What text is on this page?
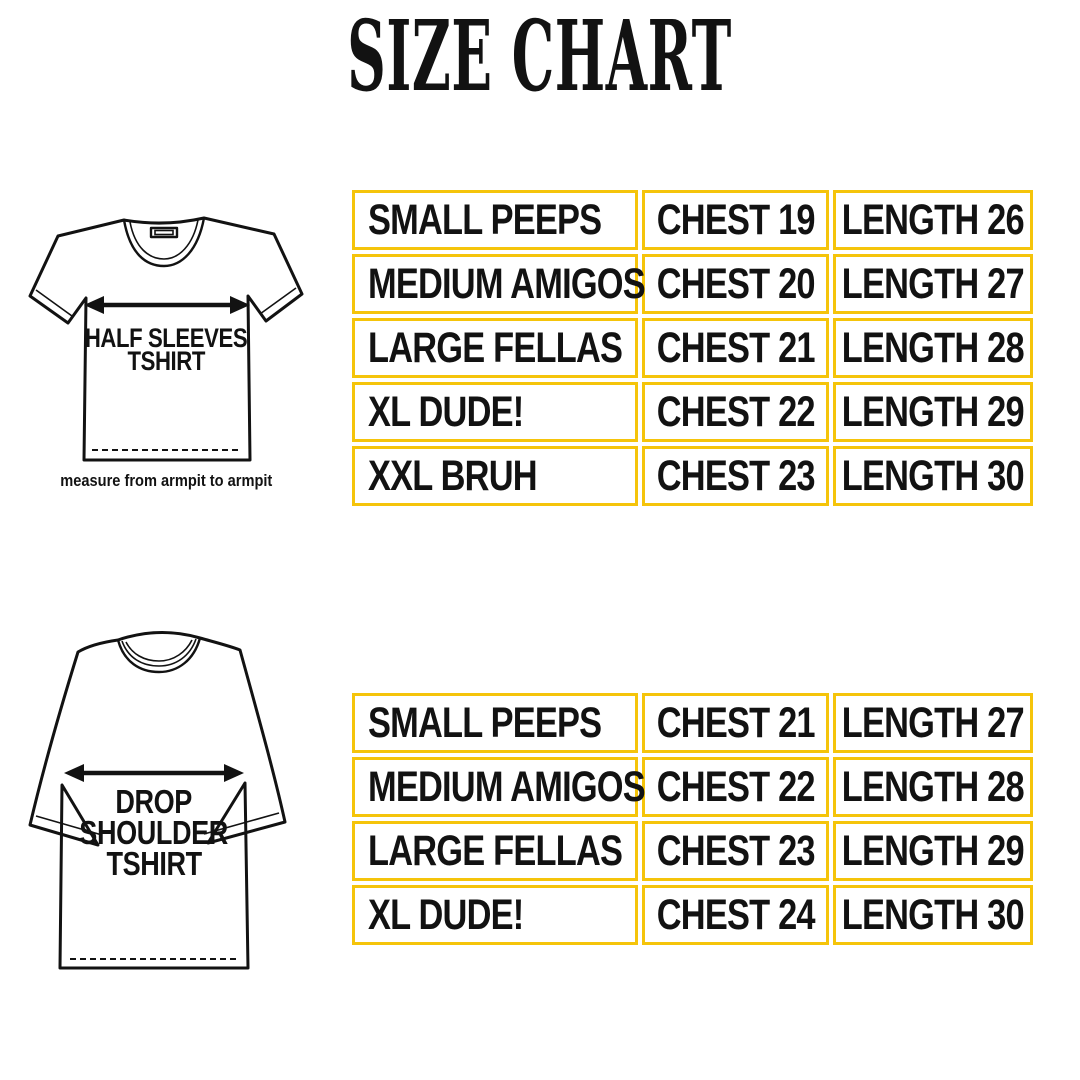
SIZE CHART
HALF SLEEVES
TSHIRT
measure from armpit to armpit
SMALL PEEPS CHEST 19 LENGTH 26
MEDIUM AMIGOS CHEST 20 LENGTH 27
LARGE FELLAS CHEST 21 LENGTH 28
XL DUDE!	CHEST 22 LENGTH 29
XXL BRUH	CHEST 23 LENGTH 30
DROP
SHOULDER
TSHIRT
SMALL PEEPS CHEST 21 LENGTH 27
MEDIUM AMIGOS CHEST 22 LENGTH 28
LARGE FELLAS CHEST 23 LENGTH 29
XL DUDE!	CHEST 24 LENGTH 30
